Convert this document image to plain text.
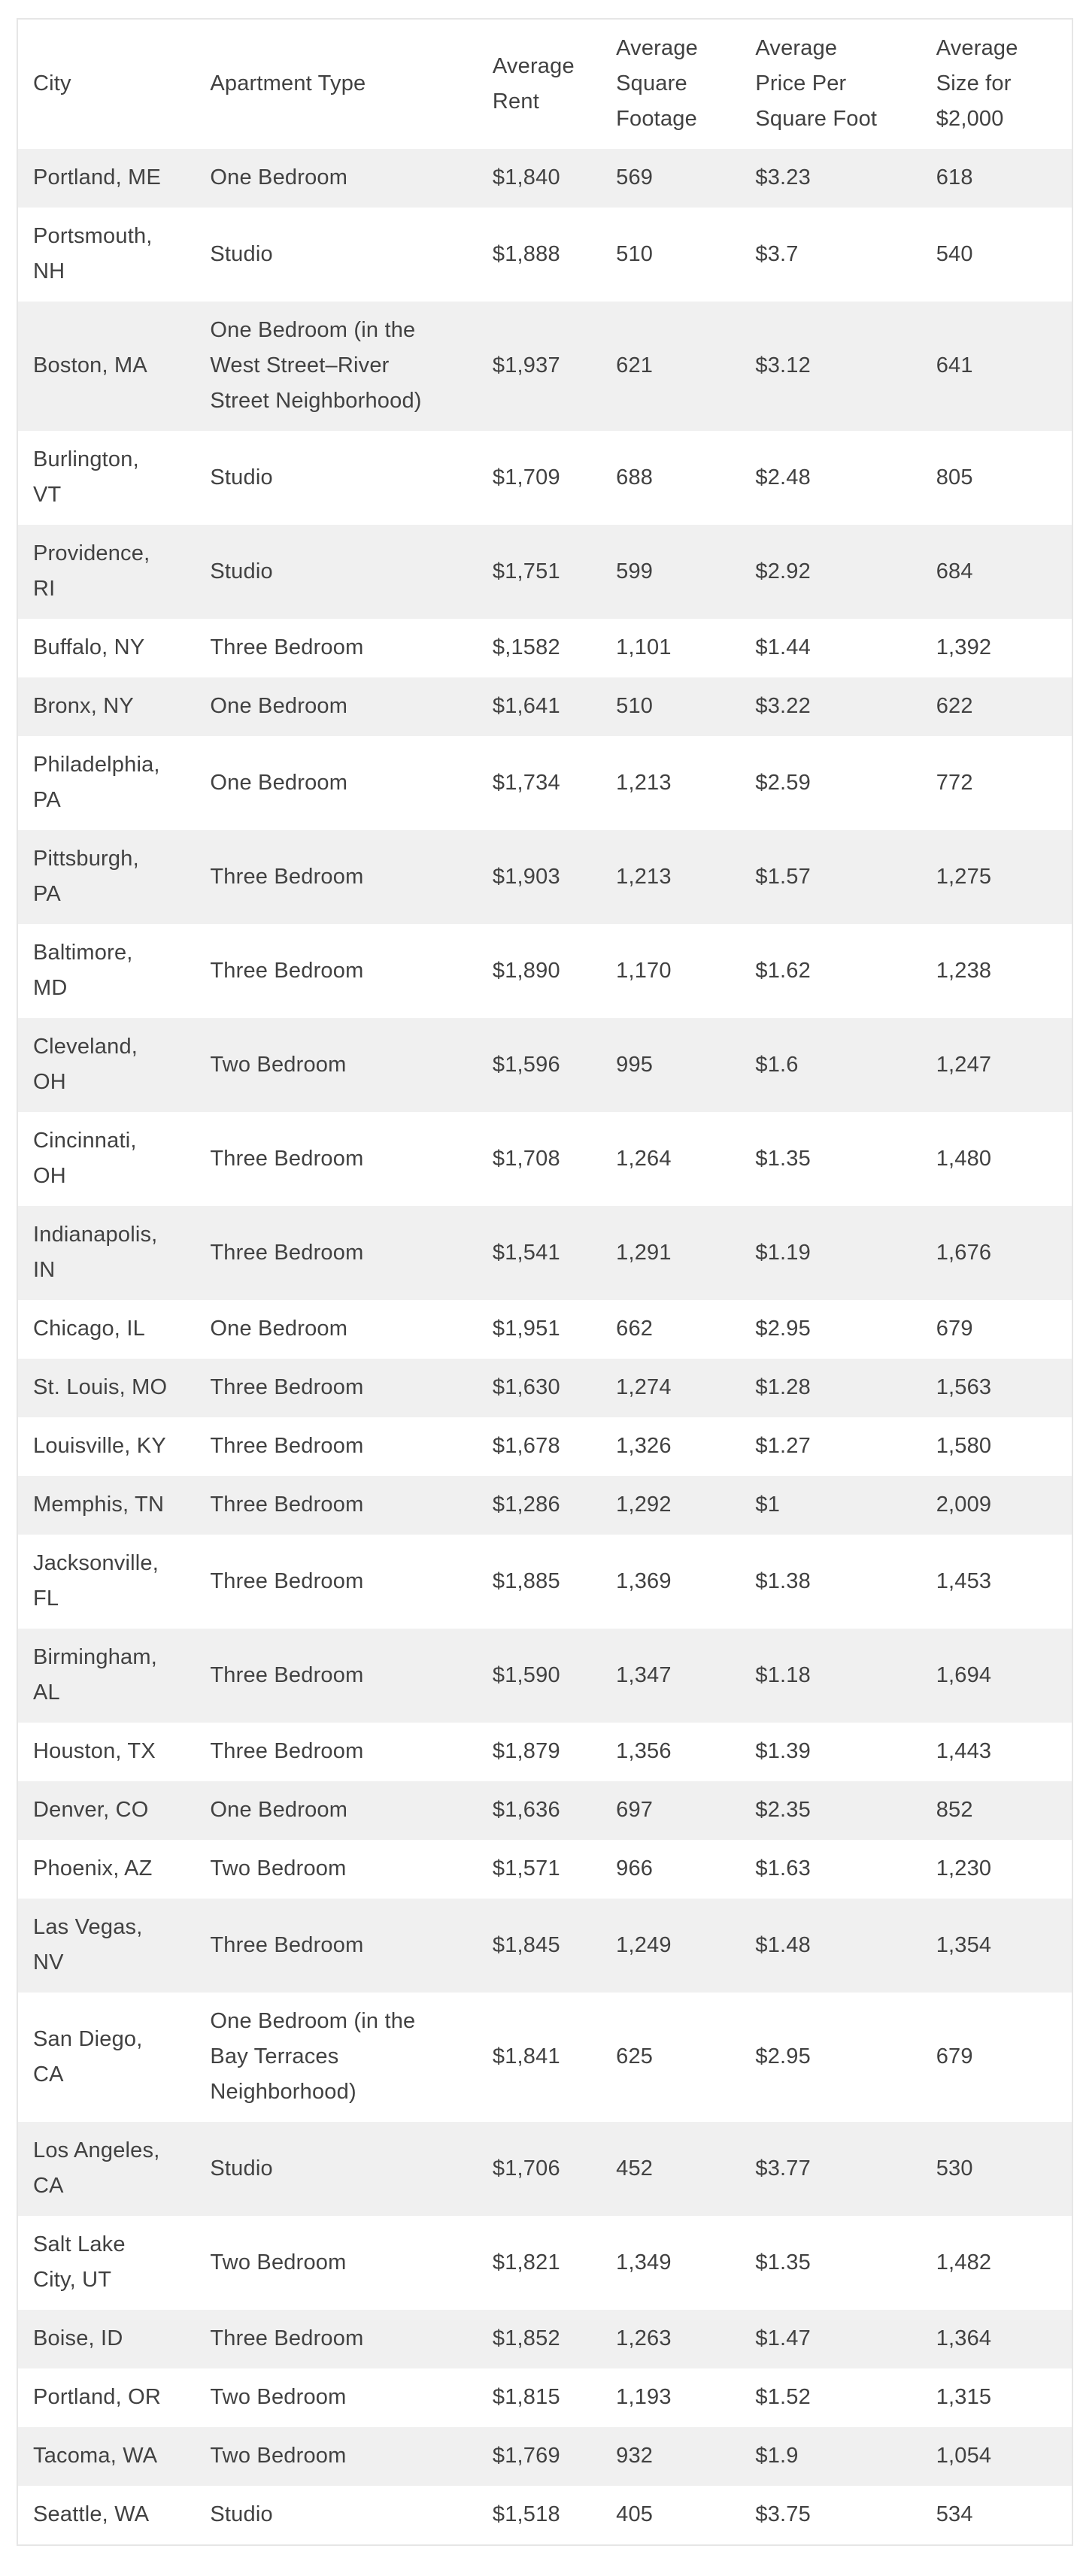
City	Apartment Type	Average Rent	Average Square Footage	Average Price Per Square Foot	Average Size for $2,000
Portland, ME	One Bedroom	$1,840	569	$3.23	618
Portsmouth, NH	Studio	$1,888	510	$3.7	540
Boston, MA	One Bedroom (in the West Street–River Street Neighborhood)	$1,937	621	$3.12	641
Burlington, VT	Studio	$1,709	688	$2.48	805
Providence, RI	Studio	$1,751	599	$2.92	684
Buffalo, NY	Three Bedroom	$,1582	1,101	$1.44	1,392
Bronx, NY	One Bedroom	$1,641	510	$3.22	622
Philadelphia, PA	One Bedroom	$1,734	1,213	$2.59	772
Pittsburgh, PA	Three Bedroom	$1,903	1,213	$1.57	1,275
Baltimore, MD	Three Bedroom	$1,890	1,170	$1.62	1,238
Cleveland, OH	Two Bedroom	$1,596	995	$1.6	1,247
Cincinnati, OH	Three Bedroom	$1,708	1,264	$1.35	1,480
Indianapolis, IN	Three Bedroom	$1,541	1,291	$1.19	1,676
Chicago, IL	One Bedroom	$1,951	662	$2.95	679
St. Louis, MO	Three Bedroom	$1,630	1,274	$1.28	1,563
Louisville, KY	Three Bedroom	$1,678	1,326	$1.27	1,580
Memphis, TN	Three Bedroom	$1,286	1,292	$1	2,009
Jacksonville, FL	Three Bedroom	$1,885	1,369	$1.38	1,453
Birmingham, AL	Three Bedroom	$1,590	1,347	$1.18	1,694
Houston, TX	Three Bedroom	$1,879	1,356	$1.39	1,443
Denver, CO	One Bedroom	$1,636	697	$2.35	852
Phoenix, AZ	Two Bedroom	$1,571	966	$1.63	1,230
Las Vegas, NV	Three Bedroom	$1,845	1,249	$1.48	1,354
San Diego, CA	One Bedroom (in the Bay Terraces Neighborhood)	$1,841	625	$2.95	679
Los Angeles, CA	Studio	$1,706	452	$3.77	530
Salt Lake City, UT	Two Bedroom	$1,821	1,349	$1.35	1,482
Boise, ID	Three Bedroom	$1,852	1,263	$1.47	1,364
Portland, OR	Two Bedroom	$1,815	1,193	$1.52	1,315
Tacoma, WA	Two Bedroom	$1,769	932	$1.9	1,054
Seattle, WA	Studio	$1,518	405	$3.75	534
